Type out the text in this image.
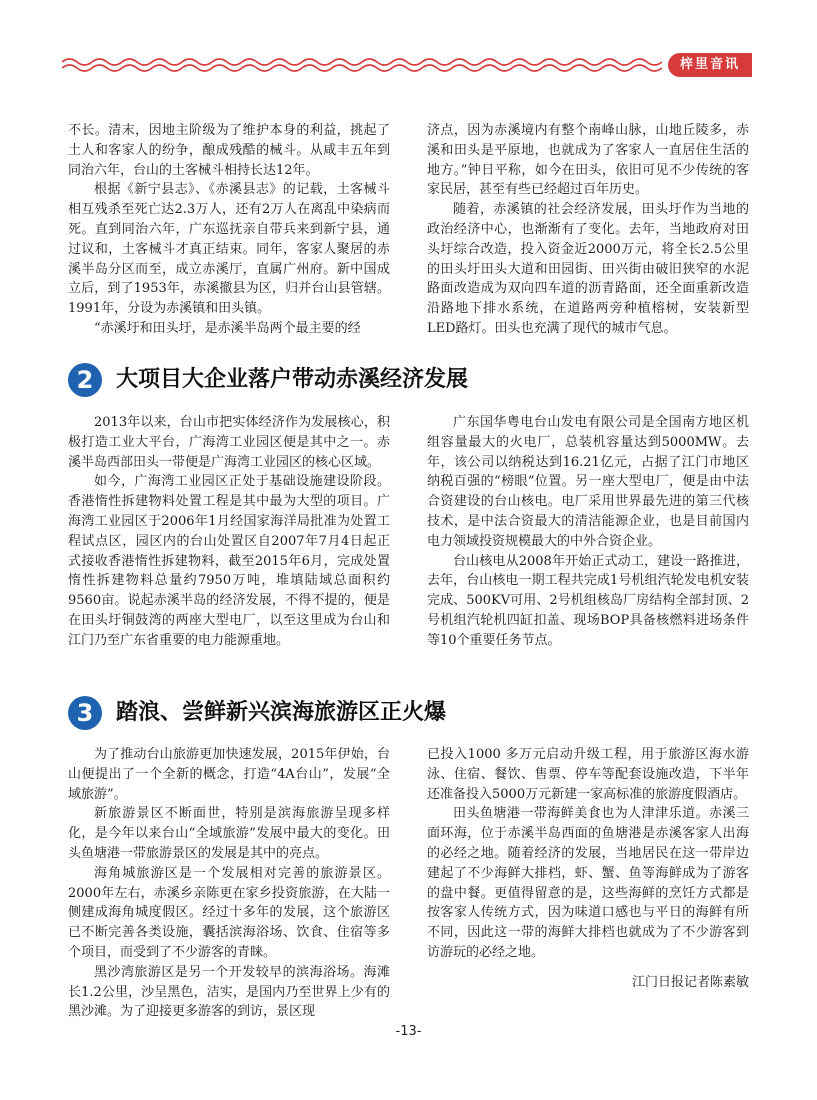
梓里音讯

不长。清末，因地主阶级为了维护本身的利益，挑起了土人和客家人的纷争，酿成残酷的械斗。从咸丰五年到同治六年，台山的土客械斗相持长达12年。

根据《新宁县志》、《赤溪县志》的记载，土客械斗相互残杀至死亡达2.3万人，还有2万人在离乱中染病而死。直到同治六年，广东巡抚亲自带兵来到新宁县，通过议和，土客械斗才真正结束。同年，客家人聚居的赤溪半岛分区而至，成立赤溪厅，直属广州府。新中国成立后，到了1953年，赤溪撤县为区，归并台山县管辖。1991年，分设为赤溪镇和田头镇。

“赤溪圩和田头圩，是赤溪半岛两个最主要的经

济点，因为赤溪境内有整个南峰山脉，山地丘陵多，赤溪和田头是平原地，也就成为了客家人一直居住生活的地方。”钟日平称，如今在田头，依旧可见不少传统的客家民居，甚至有些已经超过百年历史。

随着，赤溪镇的社会经济发展，田头圩作为当地的政治经济中心，也渐渐有了变化。去年，当地政府对田头圩综合改造，投入资金近2000万元，将全长2.5公里的田头圩田头大道和田园街、田兴街由破旧狭窄的水泥路面改造成为双向四车道的沥青路面，还全面重新改造沿路地下排水系统，在道路两旁种植榕树，安装新型LED路灯。田头也充满了现代的城市气息。

2	大项目大企业落户带动赤溪经济发展

2013年以来，台山市把实体经济作为发展核心，积极打造工业大平台，广海湾工业园区便是其中之一。赤溪半岛西部田头一带便是广海湾工业园区的核心区域。

如今，广海湾工业园区正处于基础设施建设阶段。香港惰性拆建物料处置工程是其中最为大型的项目。广海湾工业园区于2006年1月经国家海洋局批准为处置工程试点区，园区内的台山处置区自2007年7月4日起正式接收香港惰性拆建物料，截至2015年6月，完成处置惰性拆建物料总量约7950万吨，堆填陆域总面积约9560亩。说起赤溪半岛的经济发展，不得不提的，便是在田头圩铜鼓湾的两座大型电厂，以至这里成为台山和江门乃至广东省重要的电力能源重地。

广东国华粤电台山发电有限公司是全国南方地区机组容量最大的火电厂，总装机容量达到5000MW。去年，该公司以纳税达到16.21亿元，占据了江门市地区纳税百强的“榜眼”位置。另一座大型电厂，便是由中法合资建设的台山核电。电厂采用世界最先进的第三代核技术，是中法合资最大的清洁能源企业，也是目前国内电力领域投资规模最大的中外合资企业。

台山核电从2008年开始正式动工，建设一路推进，去年，台山核电一期工程共完成1号机组汽轮发电机安装完成、500KV可用、2号机组核岛厂房结构全部封顶、2号机组汽轮机四缸扣盖、现场BOP具备核燃料进场条件等10个重要任务节点。

3	踏浪、尝鲜新兴滨海旅游区正火爆

为了推动台山旅游更加快速发展，2015年伊始，台山便提出了一个全新的概念，打造“4A台山”，发展“全域旅游”。

新旅游景区不断面世，特别是滨海旅游呈现多样化，是今年以来台山“全域旅游”发展中最大的变化。田头鱼塘港一带旅游景区的发展是其中的亮点。

海角城旅游区是一个发展相对完善的旅游景区。2000年左右，赤溪乡亲陈更在家乡投资旅游，在大陆一侧建成海角城度假区。经过十多年的发展，这个旅游区已不断完善各类设施，囊括滨海浴场、饮食、住宿等多个项目，而受到了不少游客的青睐。

黑沙湾旅游区是另一个开发较早的滨海浴场。海滩长1.2公里，沙呈黑色，洁实，是国内乃至世界上少有的黑沙滩。为了迎接更多游客的到访，景区现

已投入1000 多万元启动升级工程，用于旅游区海水游泳、住宿、餐饮、售票、停车等配套设施改造，下半年还准备投入5000万元新建一家高标准的旅游度假酒店。

田头鱼塘港一带海鲜美食也为人津津乐道。赤溪三面环海，位于赤溪半岛西面的鱼塘港是赤溪客家人出海的必经之地。随着经济的发展，当地居民在这一带岸边建起了不少海鲜大排档，虾、蟹、鱼等海鲜成为了游客的盘中餐。更值得留意的是，这些海鲜的烹饪方式都是按客家人传统方式，因为味道口感也与平日的海鲜有所不同，因此这一带的海鲜大排档也就成为了不少游客到访游玩的必经之地。

江门日报记者陈素敏

-13-
